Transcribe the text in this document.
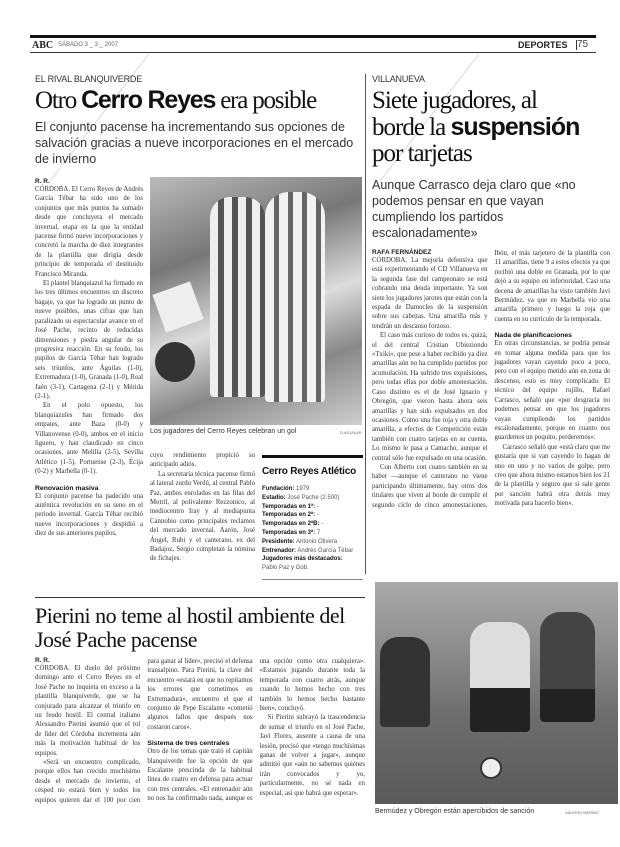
ABC SÁBADO 3 _ 3 _ 2007	DEPORTES 75
EL RIVAL BLANQUIVERDE
Otro Cerro Reyes era posible
El conjunto pacense ha incrementando sus opciones de salvación gracias a nueve incorporaciones en el mercado de invierno

R. R.

CÓRDOBA. El Cerro Reyes de Andrés García Tébar ha sido uno de los conjuntos que más puntos ha sumado desde que concluyera el mercado invernal, etapa en la que la entidad pacense firmó nueve incorporaciones y concretó la marcha de diez integrantes de la plantilla que dirigía desde principio de temporada el destituido Francisco Miranda.

El plantel blanquiazul ha firmado en los tres últimos encuentros un discreto bagaje, ya que ha logrado un punto de nueve posibles, unas cifras que han paralizado su espectacular avance en el José Pache, recinto de reducidas dimensiones y piedra angular de su progresiva reacción. En su feudo, los pupilos de García Tébar han logrado seis triunfos, ante Águilas (1-0), Extremadura (1-0), Granada (1-0), Real Jaén (3-1), Cartagena (2-1) y Mérida (2-1).

En el polo opuesto, los blanquiazules han firmado dos empates, ante Baza (0-0) y Villanovense (0-0), ambos en el inicio liguero, y han claudicado en cinco ocasiones, ante Melilla (2-5), Sevilla Atlético (1-5), Portuense (2-3), Écija (0-2) y Marbella (0-1).

Renovación masiva

El conjunto pacense ha padecido una auténtica revolución en su seno en el periodo invernal. García Tébar recibió nueve incorporaciones y despidió a diez de sus anteriores pupilos,

Los jugadores del Cerro Reyes celebran un gol	D.AGUILAR

cuyo rendimiento propició su anticipado adiós.

La secretaría técnica pacense firmó al lateral zurdo Verdú, al central Pablo Paz, ambos enrolados en las filas del Motril, al polivalente Rezzonico, al mediocentro Iray y al mediapunta Cannobio como principales reclamos del mercado invernal. Aarón, José Ángel, Rubi y el canterano, ex del Badajoz, Sergio completan la nómina de fichajes.

Cerro Reyes Atlético
Fundación: 1979
Estadio: José Pache (2.500)
Temporadas en 1ª: -
Temporadas en 2ª: -
Temporadas en 2ªB: -
Temporadas en 3ª: 7
Presidente: Antonio Olivera
Entrenador: Andrés García Tébar
Jugadores más destacados:
Pablo Paz y Gob.
VILLANUEVA
Siete jugadores, al
borde la suspensión
por tarjetas
Aunque Carrasco deja claro que «no podemos pensar en que vayan cumpliendo los partidos escalonadamente»

RAFA FERNÁNDEZ

CÓRDOBA. La mejoría defensiva que está experimentando el CD Villanueva en la segunda fase del campeonato se está cobrando una deuda importante. Ya son siete los jugadores jarotes que están con la espada de Damocles de la suspensión sobre sus cabezas. Una amarilla más y tendrán un descanso forzoso.

El caso más curioso de todos es, quizá, el del central Cristian Ubieziondo «Txiki», que pese a haber recibido ya diez amarillas aún no ha cumplido partidos por acumulación. Ha sufrido tres expulsiones, pero todas ellas por doble amonestación. Caso distinto es el de José Ignacio y Obregón, que vieron hasta ahora seis amarillas y han sido expulsados en dos ocasiones. Como una fue roja y otra doble amarilla, a efectos de Competición están también con cuatro tarjetas en su cuenta. Lo mismo le pasa a Camacho, aunque el central sólo fue expulsado en una ocasión.

Con Alberto con cuatro también en su haber —aunque el canterano no viene participando últimamente, hay otros dos titulares que viven al borde de cumplir el segundo ciclo de cinco amonestaciones. Ibón, el más tarjetero de la plantilla con 11 amarillas, tiene 9 a estos efectos ya que recibió una doble en Granada, por lo que dejó a su equipo en inferioridad. Casi una decena de amarillas ha visto también Javi Bermúdez, ya que en Marbella vio una amarilla primero y luego la roja que cuenta en su currículo de la temporada.

Nada de planificaciones

En otras circunstancias, se podría pensar en tomar alguna medida para que los jugadores vayan cayendo poco a poco, pero con el equipo metido aún en zona de descenso, esto es muy complicado. El técnico del equipo rujillo, Rafael Carrasco, señaló que «por desgracia no podemos pensar en que los jugadores vayan cumpliendo los partidos escalonadamente, porque en cuanto nos guardemos un poquito, perderemos».

Carrasco señaló que «está claro que me gustaría que si van cayendo lo hagan de uno en uno y no varios de golpe, pero creo que ahora mismo estamos bien los 21 de la plantilla y seguro que si sale gente por sanción habrá otra detrás muy motivada para hacerlo bien».

Pierini no teme al hostil ambiente del José Pache pacense

R. R.

CÓRDOBA. El duelo del próximo domingo ante el Cerro Reyes en el José Pache no inquieta en exceso a la plantilla blanquiverde, que se ha conjurado para alcanzar el triunfo en un feudo hostil. El central italiano Alessandro Pierini asumió que el rol de líder del Córdoba incrementa aún más la motivación habitual de los equipos.

«Será un encuentro complicado, porque ellos han crecido muchísimo desde el mercado de invierno, el césped no estará bien y todos los equipos quieren dar el 100 por cien para ganar al líder», precisó el defensa transalpino. Para Pierini, la clave del encuentro «estará en que no repitamos los errores que cometimos en Extremadura», encuentro el que el conjunto de Pepe Escalante «cometió algunos fallos que después nos costaron caros».

Sistema de tres centrales

Otro de los temas que trató el capitán blanquiverde fue la opción de que Escalante prescinda de la habitual línea de cuatro en defensa para actuar con tres centrales. «El entrenador aún no nos ha confirmado nada, aunque es una opción como otra cualquiera». «Estamos jugando durante toda la temporada con cuatro atrás, aunque cuando lo hemos hecho con tres también lo hemos hecho bastante bien», concluyó.

Si Pierini subrayó la trascendencia de sumar el triunfo en el José Pache, Javi Flores, ausente a causa de una lesión, precisó que «tengo muchísimas ganas de volver a jugar», aunque admitió que «aún no sabemos quiénes irán convocados y yo, particularmente, no sé nada en especial, así que habrá que esperar».

Bermúdez y Obregón están apercibidos de sanción	VALERIO MERINO
